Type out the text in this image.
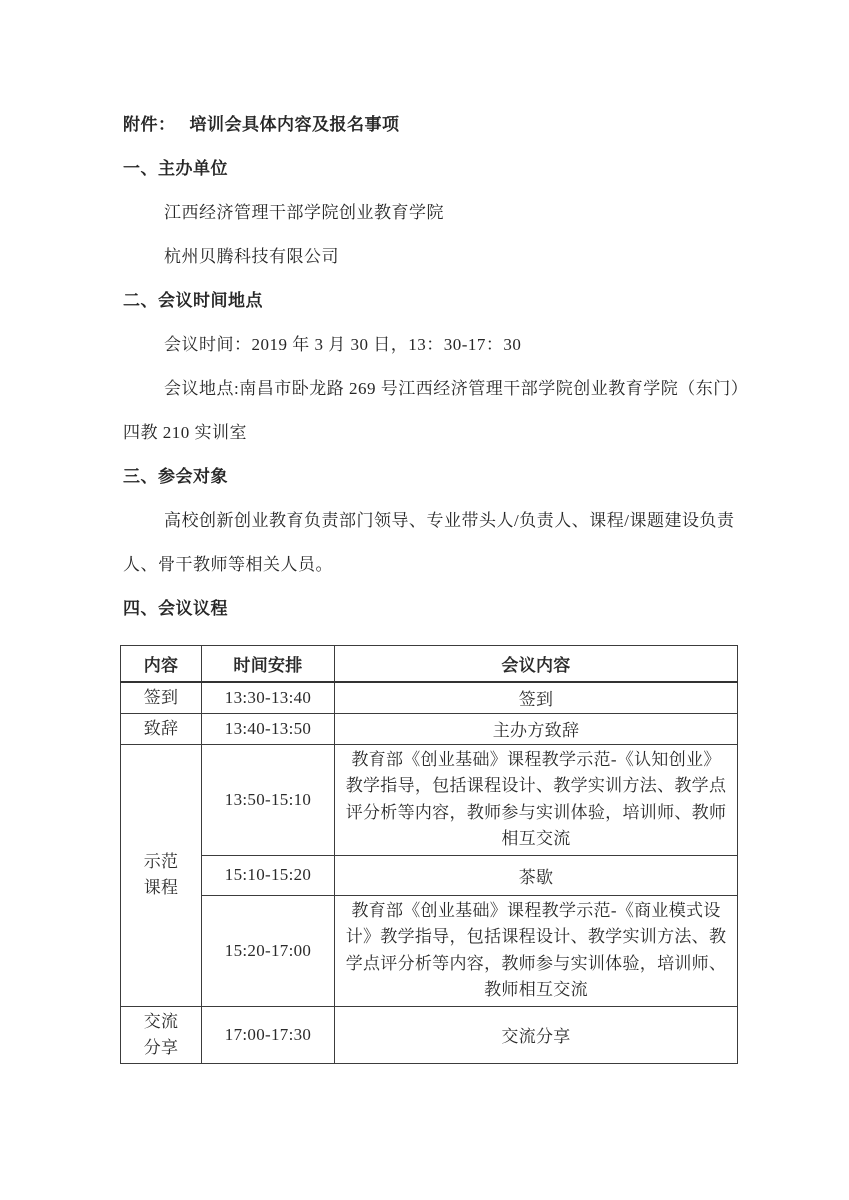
附件： 培训会具体内容及报名事项
一、主办单位
江西经济管理干部学院创业教育学院
杭州贝腾科技有限公司
二、会议时间地点
会议时间：2019 年 3 月 30 日，13：30-17：30
会议地点:南昌市卧龙路 269 号江西经济管理干部学院创业教育学院（东门）
四教 210 实训室
三、参会对象
高校创新创业教育负责部门领导、专业带头人/负责人、课程/课题建设负责
人、骨干教师等相关人员。
四、会议议程
内容	时间安排	会议内容

签到	13:30-13:40	签到

致辞	13:40-13:50	主办方致辞

示范
课程	13:50-15:10	教育部《创业基础》课程教学示范-《认知创业》教学指导，包括课程设计、教学实训方法、教学点评分析等内容，教师参与实训体验，培训师、教师相互交流
	15:10-15:20	茶歇
	15:20-17:00	教育部《创业基础》课程教学示范-《商业模式设计》教学指导，包括课程设计、教学实训方法、教学点评分析等内容，教师参与实训体验，培训师、教师相互交流

交流
分享	17:00-17:30	交流分享
